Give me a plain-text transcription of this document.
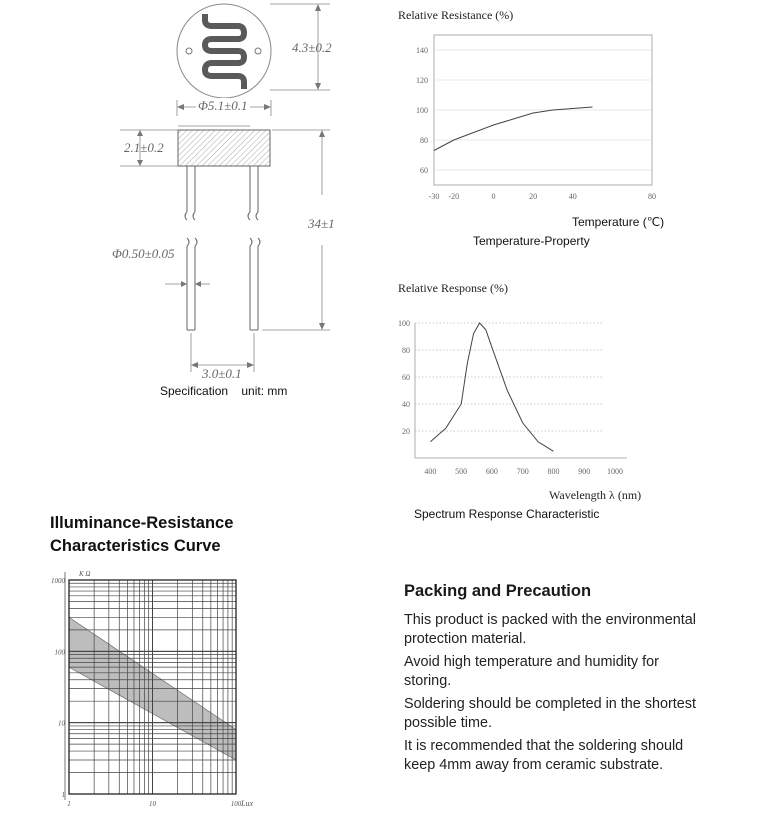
4.3±0.2
Φ5.1±0.1
2.1±0.2
34±1
Φ0.50±0.05
3.0±0.1
Specification    unit: mm
Relative Resistance (%)
60
80
100
120
140
-30 -20	0	20	40	80
Temperature (℃)
Temperature-Property
Relative Response (%)
20
40
60
80
100
400 500 600 700 800 900 1000
Wavelength λ (nm)
Spectrum Response Characteristic
Illuminance-Resistance
Characteristics Curve
K Ω
1
10
100
1000
1	10	100 Lux
Packing and Precaution

This product is packed with the environmental protection material.

Avoid high temperature and humidity for storing.

Soldering should be completed in the shortest possible time.

It is recommended that the soldering should keep 4mm away from ceramic substrate.
